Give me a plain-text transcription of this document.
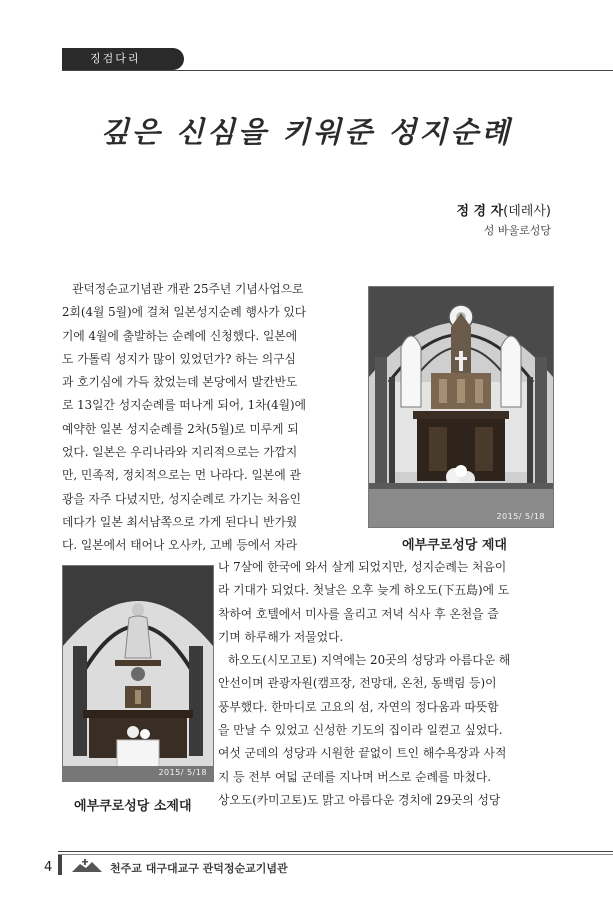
징검다리
깊은 신심을 키워준 성지순례
정 경 자(데레사)
성 바울로성당
관덕정순교기념관 개관 25주년 기념사업으로
2회(4월 5월)에 걸쳐 일본성지순례 행사가 있다
기에 4월에 출발하는 순례에 신청했다. 일본에
도 가톨릭 성지가 많이 있었던가? 하는 의구심
과 호기심에 가득 찼었는데 본당에서 발칸반도
로 13일간 성지순례를 떠나게 되어, 1차(4월)에
예약한 일본 성지순례를 2차(5월)로 미루게 되
었다. 일본은 우리나라와 지리적으로는 가깝지
만, 민족적, 정치적으로는 먼 나라다. 일본에 관
광을 자주 다녔지만, 성지순례로 가기는 처음인
데다가 일본 최서남쪽으로 가게 된다니 반가웠
다. 일본에서 태어나 오사카, 고베 등에서 자라
2015/ 5/18
에부쿠로성당 제대
2015/ 5/18
에부쿠로성당 소제대
나 7살에 한국에 와서 살게 되었지만, 성지순례는 처음이
라 기대가 되었다. 첫날은 오후 늦게 하오도(下五島)에 도
착하여 호텔에서 미사를 올리고 저녁 식사 후 온천을 즐
기며 하루해가 저물었다.
하오도(시모고토) 지역에는 20곳의 성당과 아름다운 해
안선이며 관광자원(캠프장, 전망대, 온천, 동백림 등)이
풍부했다. 한마디로 고요의 섬, 자연의 정다움과 따뜻함
을 만날 수 있었고 신성한 기도의 집이라 일컫고 싶었다.
여섯 군데의 성당과 시원한 끝없이 트인 해수욕장과 사적
지 등 전부 여덟 군데를 지나며 버스로 순례를 마쳤다.
상오도(카미고토)도 맑고 아름다운 경치에 29곳의 성당
4	천주교 대구대교구 관덕정순교기념관
